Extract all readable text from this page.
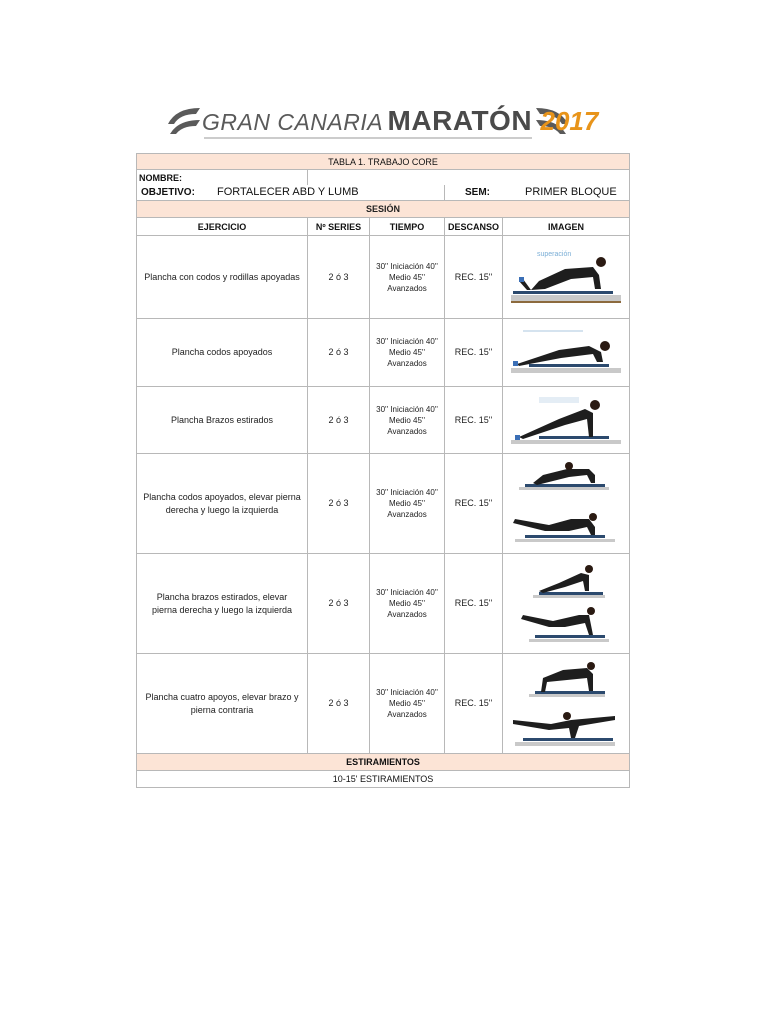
GRAN CANARIA MARATÓN 2017
TABLA 1. TRABAJO CORE				
NOMBRE:				

OBJETIVO: FORTALECER ABD Y LUMB			SEM: PRIMER BLOQUE	

SESIÓN				
EJERCICIO	Nº SERIES	TIEMPO	DESCANSO	IMAGEN
Plancha con codos y rodillas apoyadas	2 ó 3	30'' Iniciación 40''
Medio 45''
Avanzados	REC. 15''	superación

Plancha codos apoyados	2 ó 3	30'' Iniciación 40''
Medio 45''
Avanzados	REC. 15''	

Plancha Brazos estirados	2 ó 3	30'' Iniciación 40''
Medio 45''
Avanzados	REC. 15''	

Plancha codos apoyados, elevar pierna derecha y luego la izquierda	2 ó 3	30'' Iniciación 40''
Medio 45''
Avanzados	REC. 15''	

Plancha brazos estirados, elevar pierna derecha y luego la izquierda	2 ó 3	30'' Iniciación 40''
Medio 45''
Avanzados	REC. 15''	

Plancha cuatro apoyos, elevar brazo y pierna contraria	2 ó 3	30'' Iniciación 40''
Medio 45''
Avanzados	REC. 15''	

ESTIRAMIENTOS				
10-15' ESTIRAMIENTOS				
